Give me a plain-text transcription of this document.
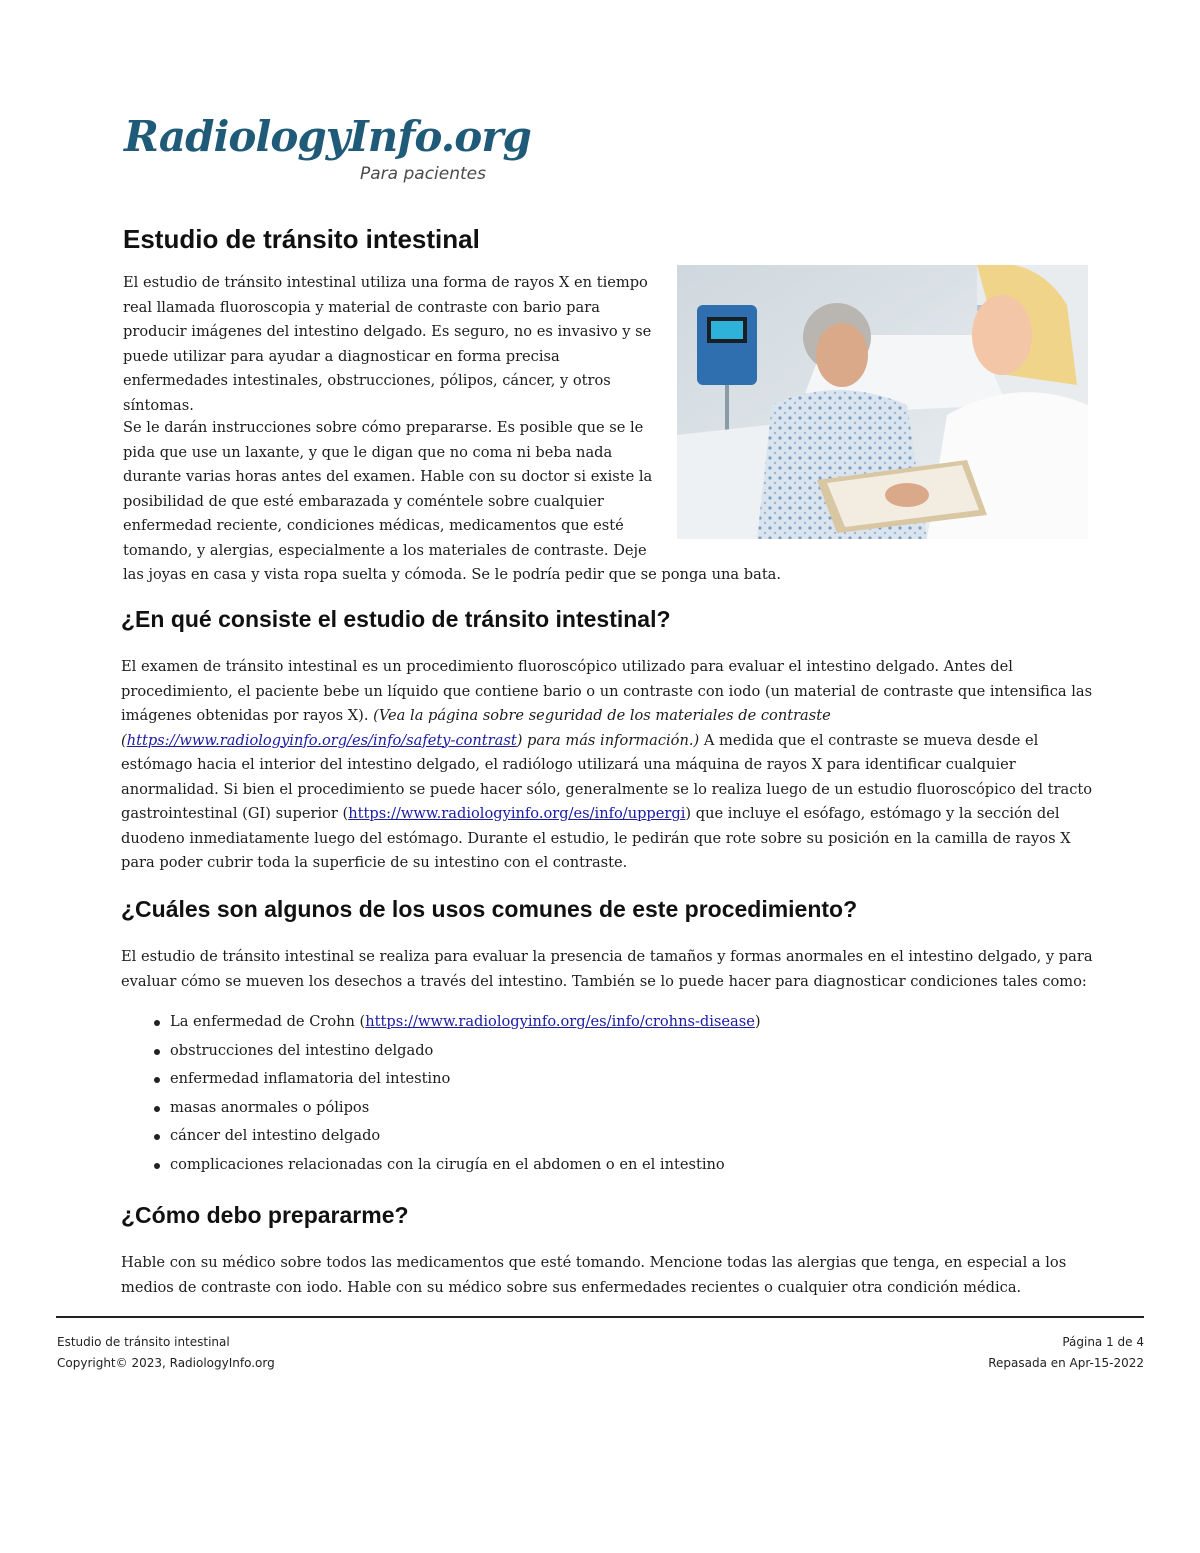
RadiologyInfo.org
Para pacientes
Estudio de tránsito intestinal

El estudio de tránsito intestinal utiliza una forma de rayos X en tiempo real llamada fluoroscopia y material de contraste con bario para producir imágenes del intestino delgado. Es seguro, no es invasivo y se puede utilizar para ayudar a diagnosticar en forma precisa enfermedades intestinales, obstrucciones, pólipos, cáncer, y otros síntomas.

Se le darán instrucciones sobre cómo prepararse. Es posible que se le pida que use un laxante, y que le digan que no coma ni beba nada durante varias horas antes del examen. Hable con su doctor si existe la posibilidad de que esté embarazada y coméntele sobre cualquier enfermedad reciente, condiciones médicas, medicamentos que esté tomando, y alergias, especialmente a los materiales de contraste. Deje

las joyas en casa y vista ropa suelta y cómoda. Se le podría pedir que se ponga una bata.

¿En qué consiste el estudio de tránsito intestinal?

El examen de tránsito intestinal es un procedimiento fluoroscópico utilizado para evaluar el intestino delgado. Antes del procedimiento, el paciente bebe un líquido que contiene bario o un contraste con iodo (un material de contraste que intensifica las imágenes obtenidas por rayos X). (Vea la página sobre seguridad de los materiales de contraste (https://www.radiologyinfo.org/es/info/safety-contrast) para más información.) A medida que el contraste se mueva desde el estómago hacia el interior del intestino delgado, el radiólogo utilizará una máquina de rayos X para identificar cualquier anormalidad. Si bien el procedimiento se puede hacer sólo, generalmente se lo realiza luego de un estudio fluoroscópico del tracto gastrointestinal (GI) superior (https://www.radiologyinfo.org/es/info/uppergi) que incluye el esófago, estómago y la sección del duodeno inmediatamente luego del estómago. Durante el estudio, le pedirán que rote sobre su posición en la camilla de rayos X para poder cubrir toda la superficie de su intestino con el contraste.

¿Cuáles son algunos de los usos comunes de este procedimiento?

El estudio de tránsito intestinal se realiza para evaluar la presencia de tamaños y formas anormales en el intestino delgado, y para evaluar cómo se mueven los desechos a través del intestino. También se lo puede hacer para diagnosticar condiciones tales como:

La enfermedad de Crohn (https://www.radiologyinfo.org/es/info/crohns-disease)
obstrucciones del intestino delgado
enfermedad inflamatoria del intestino
masas anormales o pólipos
cáncer del intestino delgado
complicaciones relacionadas con la cirugía en el abdomen o en el intestino
¿Cómo debo prepararme?

Hable con su médico sobre todos las medicamentos que esté tomando. Mencione todas las alergias que tenga, en especial a los medios de contraste con iodo. Hable con su médico sobre sus enfermedades recientes o cualquier otra condición médica.

Estudio de tránsito intestinal
Copyright© 2023, RadiologyInfo.org
Página 1 de 4
Repasada en Apr-15-2022
